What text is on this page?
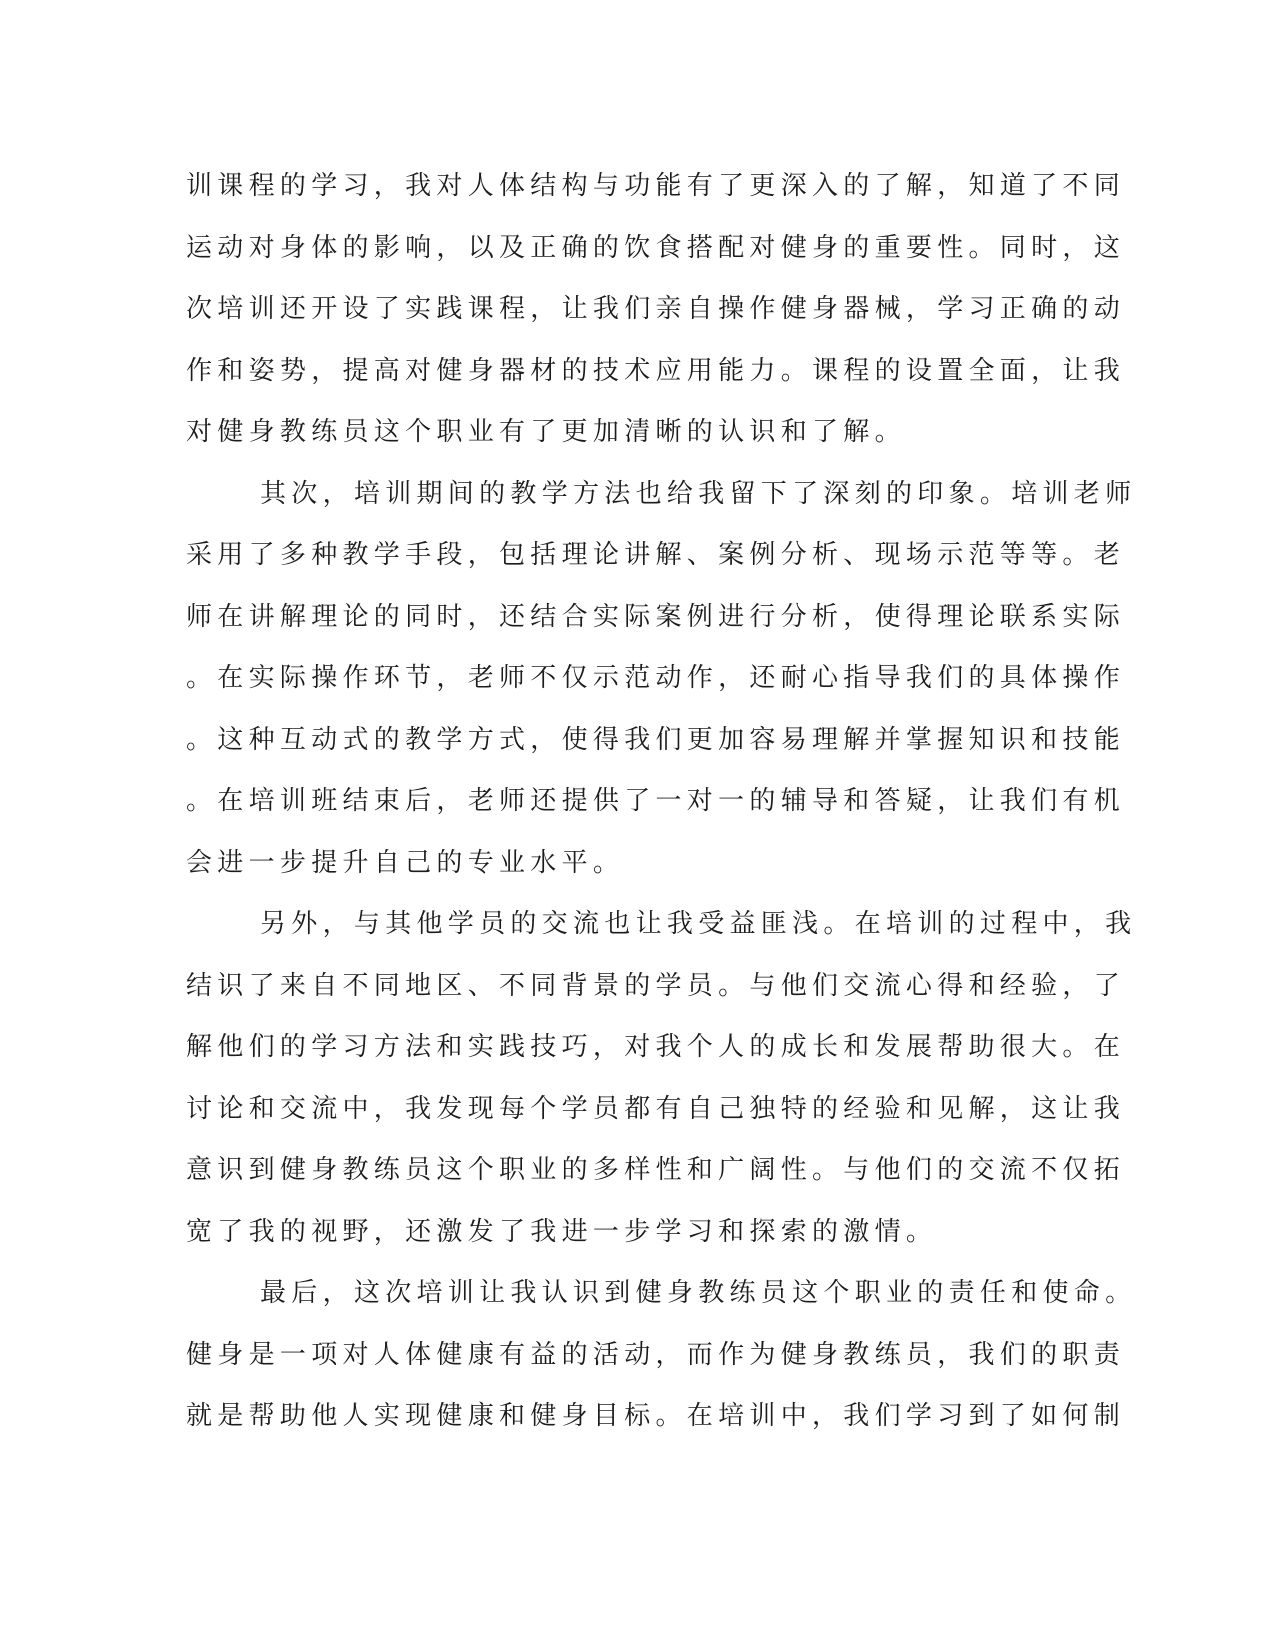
训课程的学习，我对人体结构与功能有了更深入的了解，知道了不同
运动对身体的影响，以及正确的饮食搭配对健身的重要性。同时，这
次培训还开设了实践课程，让我们亲自操作健身器械，学习正确的动
作和姿势，提高对健身器材的技术应用能力。课程的设置全面，让我
对健身教练员这个职业有了更加清晰的认识和了解。
其次，培训期间的教学方法也给我留下了深刻的印象。培训老师
采用了多种教学手段，包括理论讲解、案例分析、现场示范等等。老
师在讲解理论的同时，还结合实际案例进行分析，使得理论联系实际
。在实际操作环节，老师不仅示范动作，还耐心指导我们的具体操作
。这种互动式的教学方式，使得我们更加容易理解并掌握知识和技能
。在培训班结束后，老师还提供了一对一的辅导和答疑，让我们有机
会进一步提升自己的专业水平。
另外，与其他学员的交流也让我受益匪浅。在培训的过程中，我
结识了来自不同地区、不同背景的学员。与他们交流心得和经验，了
解他们的学习方法和实践技巧，对我个人的成长和发展帮助很大。在
讨论和交流中，我发现每个学员都有自己独特的经验和见解，这让我
意识到健身教练员这个职业的多样性和广阔性。与他们的交流不仅拓
宽了我的视野，还激发了我进一步学习和探索的激情。
最后，这次培训让我认识到健身教练员这个职业的责任和使命。
健身是一项对人体健康有益的活动，而作为健身教练员，我们的职责
就是帮助他人实现健康和健身目标。在培训中，我们学习到了如何制
